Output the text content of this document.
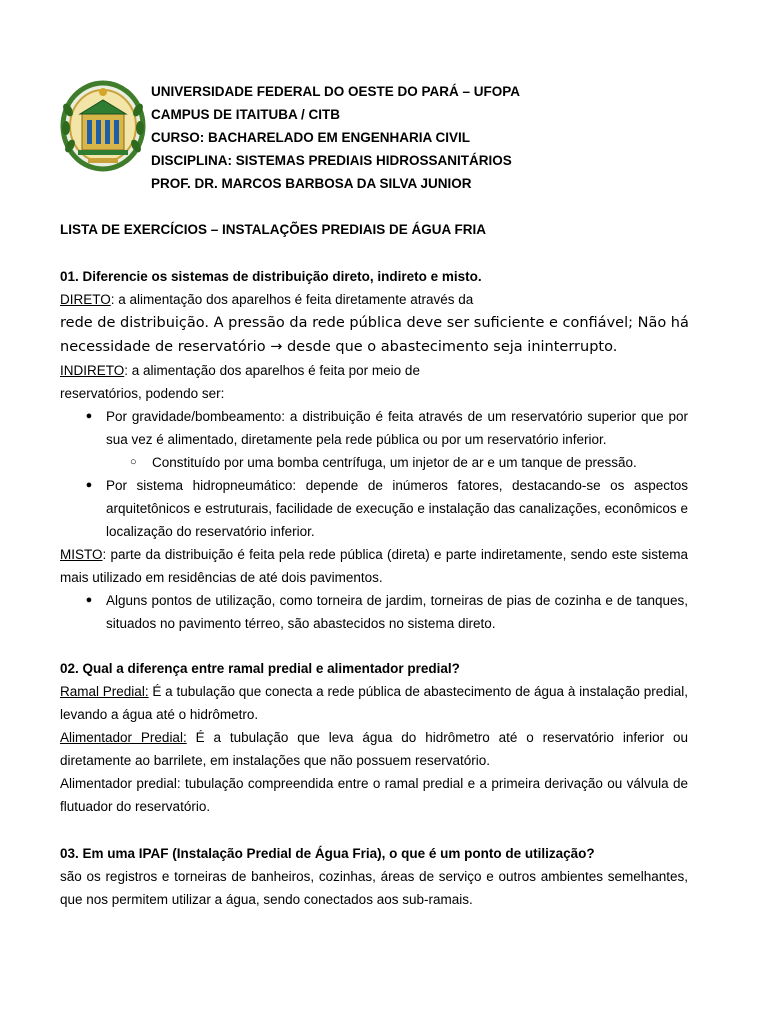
UNIVERSIDADE FEDERAL DO OESTE DO PARÁ – UFOPA
CAMPUS DE ITAITUBA / CITB
CURSO: BACHARELADO EM ENGENHARIA CIVIL
DISCIPLINA: SISTEMAS PREDIAIS HIDROSSANITÁRIOS
PROF. DR. MARCOS BARBOSA DA SILVA JUNIOR
LISTA DE EXERCÍCIOS – INSTALAÇÕES PREDIAIS DE ÁGUA FRIA
01. Diferencie os sistemas de distribuição direto, indireto e misto.
DIRETO: a alimentação dos aparelhos é feita diretamente através da
rede de distribuição. A pressão da rede pública deve ser suficiente e confiável; Não há
necessidade de reservatório → desde que o abastecimento seja ininterrupto.
INDIRETO: a alimentação dos aparelhos é feita por meio de
reservatórios, podendo ser:
● Por gravidade/bombeamento: a distribuição é feita através de um reservatório superior que por sua vez é alimentado, diretamente pela rede pública ou por um reservatório inferior.
○ Constituído por uma bomba centrífuga, um injetor de ar e um tanque de pressão.
● Por sistema hidropneumático: depende de inúmeros fatores, destacando-se os aspectos arquitetônicos e estruturais, facilidade de execução e instalação das canalizações, econômicos e localização do reservatório inferior.
MISTO: parte da distribuição é feita pela rede pública (direta) e parte indiretamente, sendo este sistema mais utilizado em residências de até dois pavimentos.
● Alguns pontos de utilização, como torneira de jardim, torneiras de pias de cozinha e de tanques, situados no pavimento térreo, são abastecidos no sistema direto.
02. Qual a diferença entre ramal predial e alimentador predial?
Ramal Predial: É a tubulação que conecta a rede pública de abastecimento de água à instalação predial, levando a água até o hidrômetro.
Alimentador Predial: É a tubulação que leva água do hidrômetro até o reservatório inferior ou diretamente ao barrilete, em instalações que não possuem reservatório.
Alimentador predial: tubulação compreendida entre o ramal predial e a primeira derivação ou válvula de flutuador do reservatório.
03. Em uma IPAF (Instalação Predial de Água Fria), o que é um ponto de utilização?
são os registros e torneiras de banheiros, cozinhas, áreas de serviço e outros ambientes semelhantes, que nos permitem utilizar a água, sendo conectados aos sub-ramais.
